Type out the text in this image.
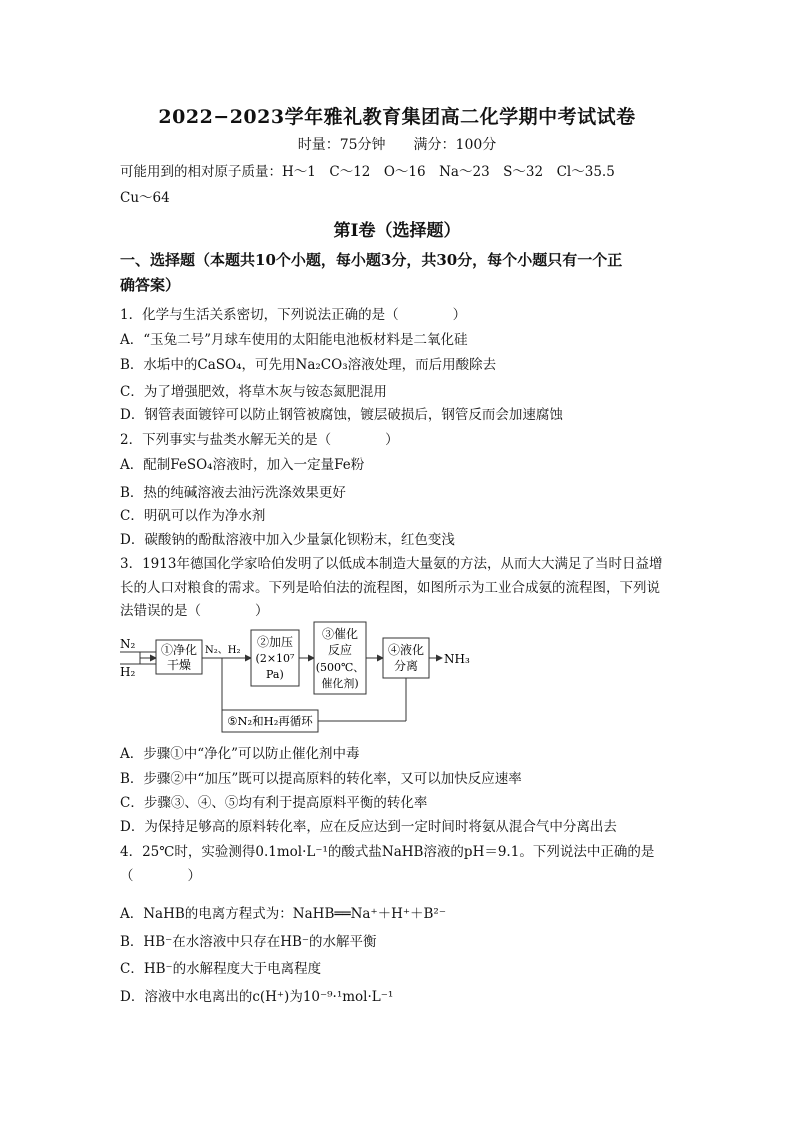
2022−2023学年雅礼教育集团高二化学期中考试试卷
时量：75分钟　　满分：100分
可能用到的相对原子质量：H～1　C～12　O～16　Na～23　S～32　Cl～35.5
Cu～64
第Ⅰ卷（选择题）
一、选择题（本题共10个小题，每小题3分，共30分，每个小题只有一个正
确答案）
1．化学与生活关系密切，下列说法正确的是（　　　　）
A．“玉兔二号”月球车使用的太阳能电池板材料是二氧化硅
B．水垢中的CaSO₄，可先用Na₂CO₃溶液处理，而后用酸除去
C．为了增强肥效，将草木灰与铵态氮肥混用
D．钢管表面镀锌可以防止钢管被腐蚀，镀层破损后，钢管反而会加速腐蚀
2．下列事实与盐类水解无关的是（　　　　）
A．配制FeSO₄溶液时，加入一定量Fe粉
B．热的纯碱溶液去油污洗涤效果更好
C．明矾可以作为净水剂
D．碳酸钠的酚酞溶液中加入少量氯化钡粉末，红色变浅
3．1913年德国化学家哈伯发明了以低成本制造大量氨的方法，从而大大满足了当时日益增
长的人口对粮食的需求。下列是哈伯法的流程图，如图所示为工业合成氨的流程图，下列说
法错误的是（　　　　）
N₂
H₂
①净化
干燥
N₂、H₂
②加压
(2×10⁷
Pa)
③催化
反应
(500℃、
催化剂)
④液化
分离 NH₃
⑤N₂和H₂再循环
A．步骤①中“净化”可以防止催化剂中毒
B．步骤②中“加压”既可以提高原料的转化率，又可以加快反应速率
C．步骤③、④、⑤均有利于提高原料平衡的转化率
D．为保持足够高的原料转化率，应在反应达到一定时间时将氨从混合气中分离出去
4．25℃时，实验测得0.1mol·L⁻¹的酸式盐NaHB溶液的pH＝9.1。下列说法中正确的是
（　　　　）
A．NaHB的电离方程式为：NaHB══Na⁺＋H⁺＋B²⁻
B．HB⁻在水溶液中只存在HB⁻的水解平衡
C．HB⁻的水解程度大于电离程度
D．溶液中水电离出的c(H⁺)为10⁻⁹·¹mol·L⁻¹
